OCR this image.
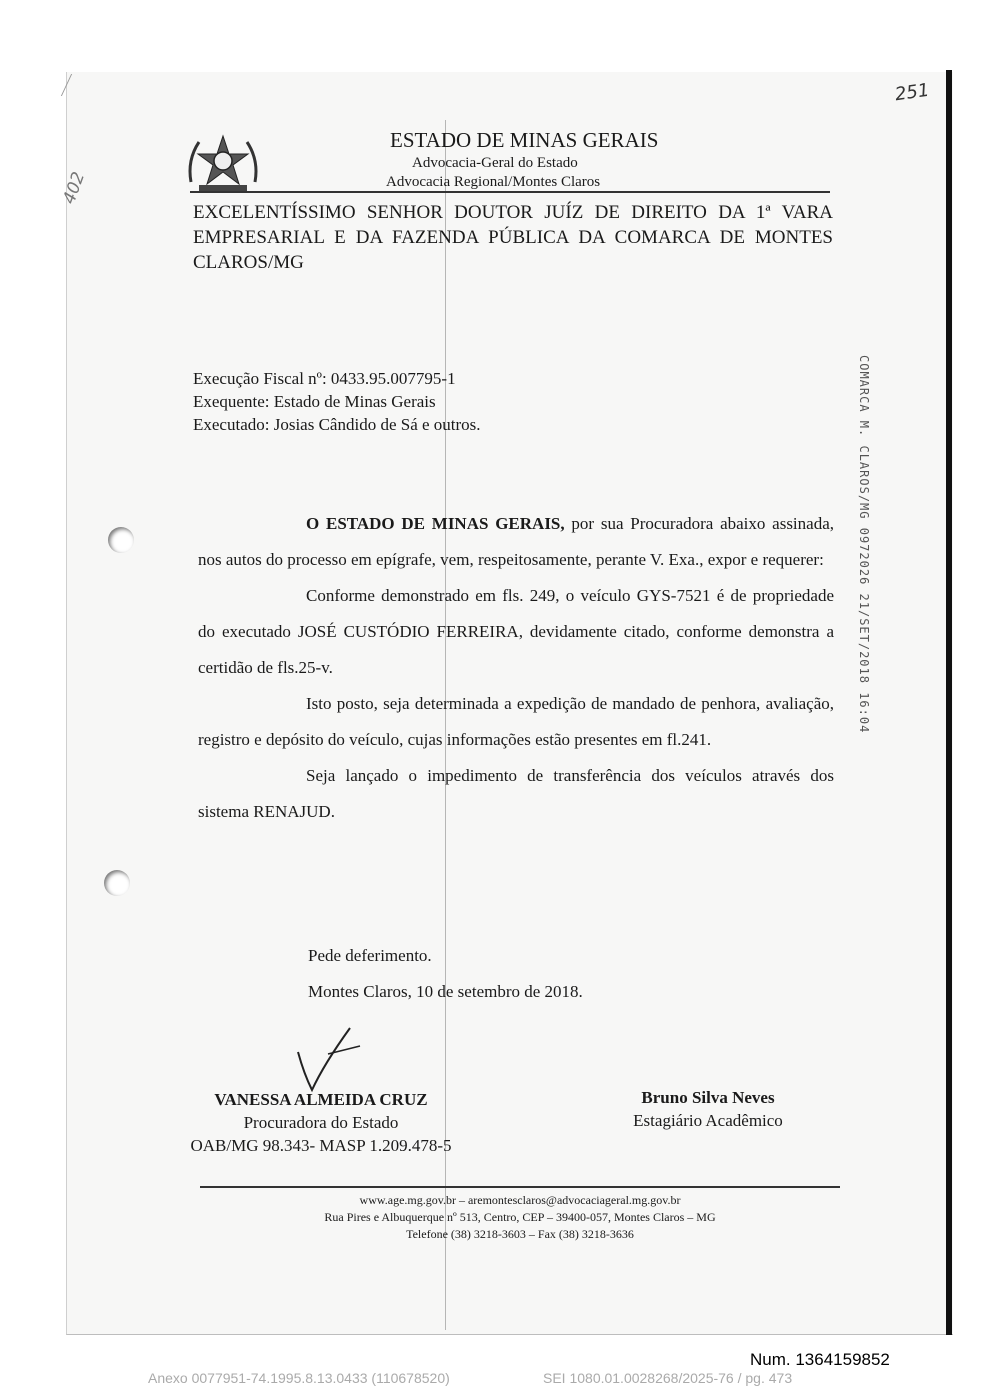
ESTADO DE MINAS GERAIS
Advocacia-Geral do Estado
Advocacia Regional/Montes Claros
EXCELENTÍSSIMO SENHOR DOUTOR JUÍZ DE DIREITO DA 1ª VARA EMPRESARIAL E DA FAZENDA PÚBLICA DA COMARCA DE MONTES CLAROS/MG
Execução Fiscal nº: 0433.95.007795-1
Exequente: Estado de Minas Gerais
Executado: Josias Cândido de Sá e outros.

O ESTADO DE MINAS GERAIS, por sua Procuradora abaixo assinada, nos autos do processo em epígrafe, vem, respeitosamente, perante V. Exa., expor e requerer:

Conforme demonstrado em fls. 249, o veículo GYS-7521 é de propriedade do executado JOSÉ CUSTÓDIO FERREIRA, devidamente citado, conforme demonstra a certidão de fls.25-v.

Isto posto, seja determinada a expedição de mandado de penhora, avaliação, registro e depósito do veículo, cujas informações estão presentes em fl.241.

Seja lançado o impedimento de transferência dos veículos através dos sistema RENAJUD.

Pede deferimento.
Montes Claros, 10 de setembro de 2018.
VANESSA ALMEIDA CRUZ
Procuradora do Estado
OAB/MG 98.343- MASP 1.209.478-5
Bruno Silva Neves
Estagiário Acadêmico
www.age.mg.gov.br – aremontesclaros@advocaciageral.mg.gov.br
Rua Pires e Albuquerque nº 513, Centro, CEP – 39400-057, Montes Claros – MG
Telefone (38) 3218-3603 – Fax (38) 3218-3636
COMARCA M. CLAROS/MG 0972026 21/SET/2018 16:04
251
402
Num. 1364159852
Anexo 0077951-74.1995.8.13.0433 (110678520)	SEI 1080.01.0028268/2025-76 / pg. 473
